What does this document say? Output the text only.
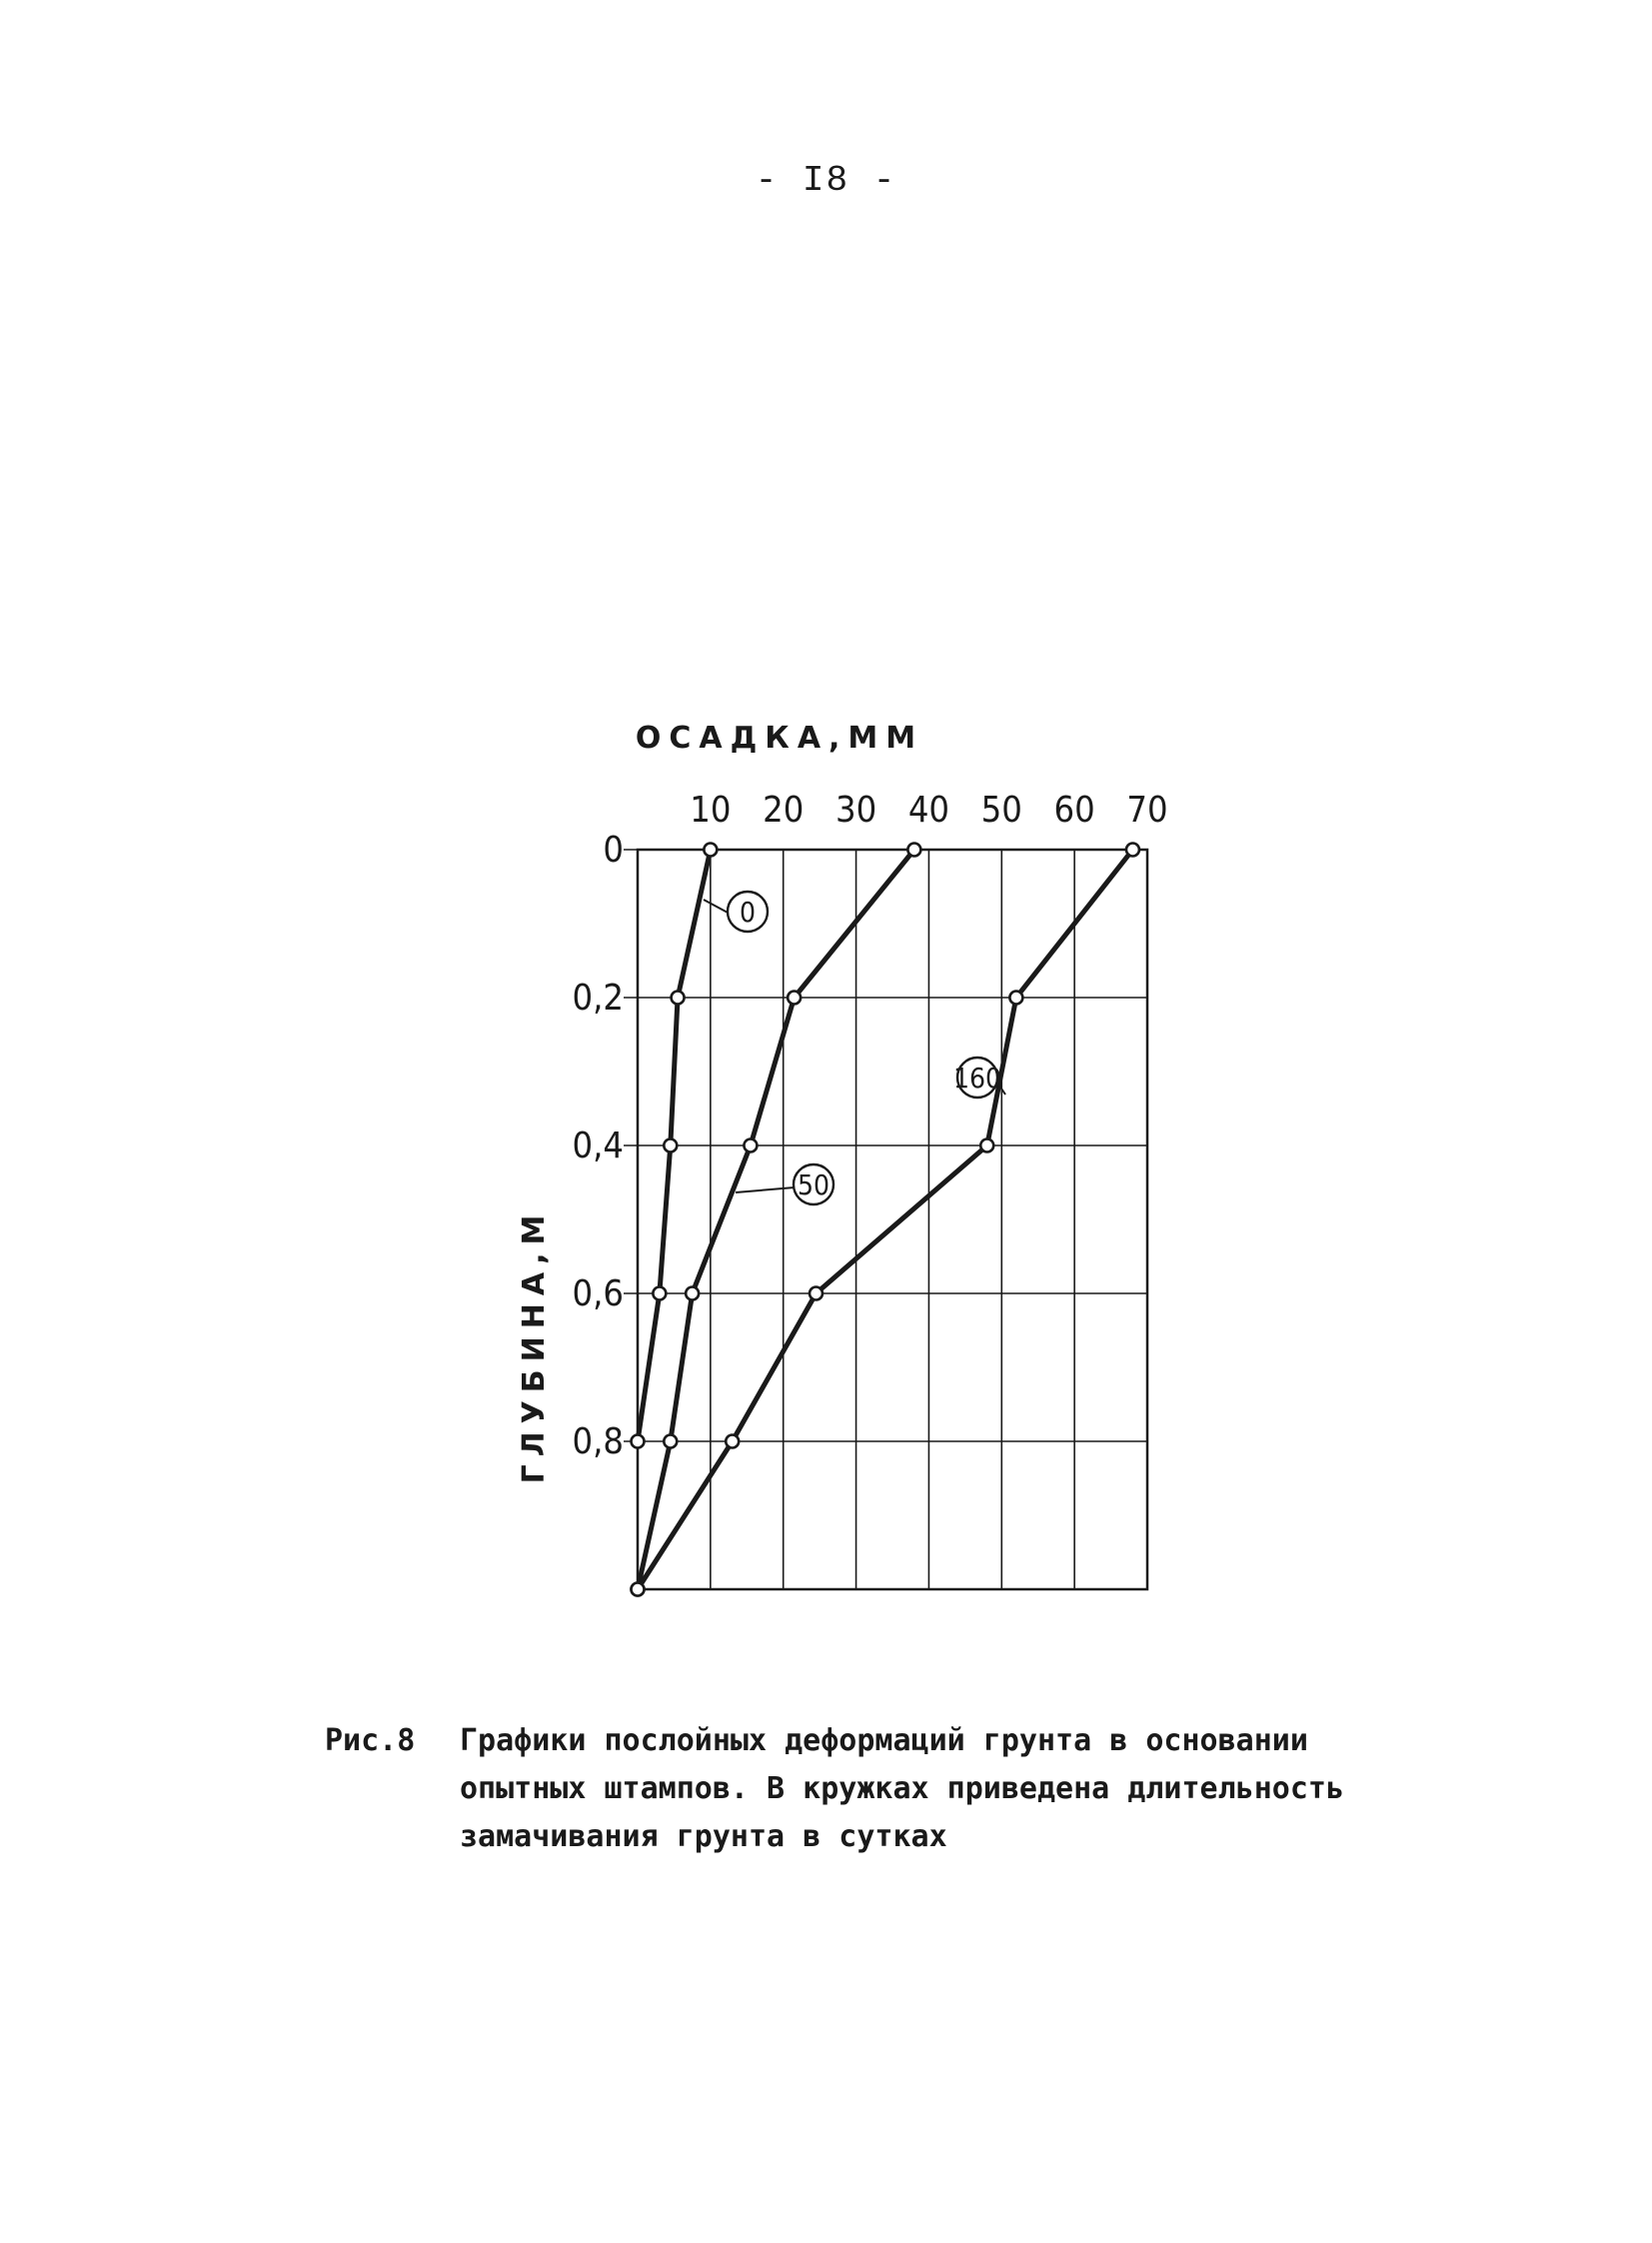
- I8 -
ОСАДКА,ММ
ГЛУБИНА,М
10 20 30 40 50 60 70
0
0,2
0,4
0,6
0,8
0
50
160
Рис.8 Графики послойных деформаций грунта в основании опытных штампов. В кружках приведена длительность замачивания грунта в сутках
